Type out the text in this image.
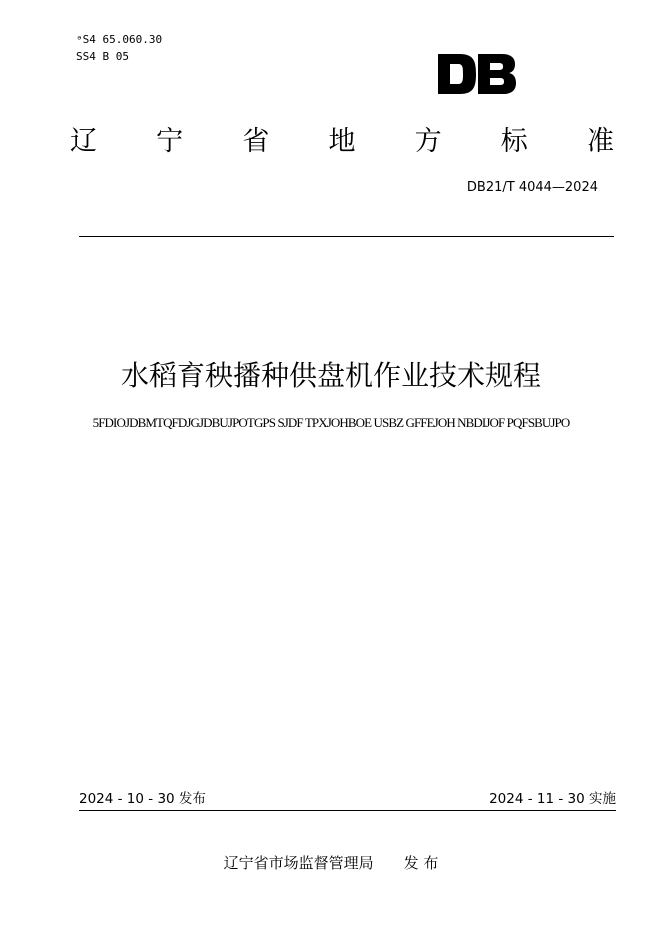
ᵊS4 65.060.30
SS4 B 05
辽 宁 省 地 方 标 准
DB21/T 4044—2024
水稻育秧播种供盘机作业技术规程
5FDIOJDBMTQFDJGJDBUJPOTGPS SJDF TPXJOHBOE USBZ GFFEJOH NBDIJOF PQFSBUJPO
2024 - 10 - 30 发布	2024 - 11 - 30 实施
辽宁省市场监督管理局 发 布
